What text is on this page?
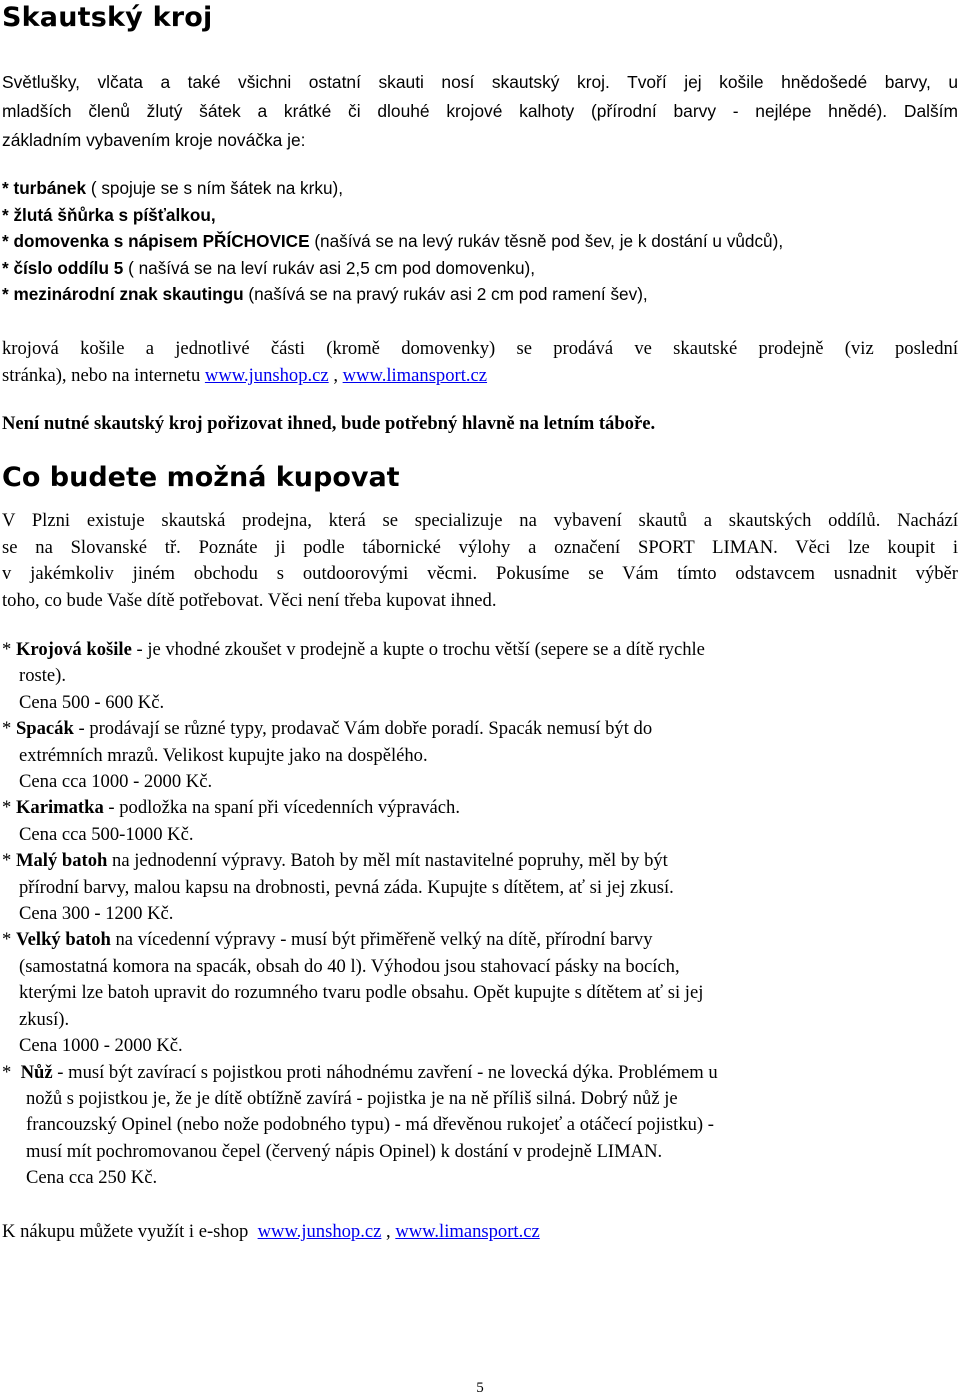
Skautský kroj
Světlušky, vlčata a také všichni ostatní skauti nosí skautský kroj. Tvoří jej košile hnědošedé barvy, u
mladších členů žlutý šátek a krátké či dlouhé krojové kalhoty (přírodní barvy - nejlépe hnědé). Dalším
základním vybavením kroje nováčka je:
* turbánek ( spojuje se s ním šátek na krku),
* žlutá šňůrka s píšťalkou,
* domovenka s nápisem PŘÍCHOVICE (našívá se na levý rukáv těsně pod šev, je k dostání u vůdců),
* číslo oddílu 5 ( našívá se na leví rukáv asi 2,5 cm pod domovenku),
* mezinárodní znak skautingu (našívá se na pravý rukáv asi 2 cm pod ramení šev),
krojová košile a jednotlivé části (kromě domovenky) se prodává ve skautské prodejně (viz poslední
stránka), nebo na internetu www.junshop.cz , www.limansport.cz
Není nutné skautský kroj pořizovat ihned, bude potřebný hlavně na letním táboře.
Co budete možná kupovat
V Plzni existuje skautská prodejna, která se specializuje na vybavení skautů a skautských oddílů. Nachází
se na Slovanské tř. Poznáte ji podle tábornické výlohy a označení SPORT LIMAN. Věci lze koupit i
v jakémkoliv jiném obchodu s outdoorovými věcmi. Pokusíme se Vám tímto odstavcem usnadnit výběr
toho, co bude Vaše dítě potřebovat. Věci není třeba kupovat ihned.
* Krojová košile - je vhodné zkoušet v prodejně a kupte o trochu větší (sepere se a dítě rychle
roste).
Cena 500 - 600 Kč.
* Spacák - prodávají se různé typy, prodavač Vám dobře poradí. Spacák nemusí být do
extrémních mrazů. Velikost kupujte jako na dospělého.
Cena cca 1000 - 2000 Kč.
* Karimatka - podložka na spaní při vícedenních výpravách.
Cena cca 500-1000 Kč.
* Malý batoh na jednodenní výpravy. Batoh by měl mít nastavitelné popruhy, měl by být
přírodní barvy, malou kapsu na drobnosti, pevná záda. Kupujte s dítětem, ať si jej zkusí.
Cena 300 - 1200 Kč.
* Velký batoh na vícedenní výpravy - musí být přiměřeně velký na dítě, přírodní barvy
(samostatná komora na spacák, obsah do 40 l). Výhodou jsou stahovací pásky na bocích,
kterými lze batoh upravit do rozumného tvaru podle obsahu. Opět kupujte s dítětem ať si jej
zkusí).
Cena 1000 - 2000 Kč.
*  Nůž - musí být zavírací s pojistkou proti náhodnému zavření - ne lovecká dýka. Problémem u
nožů s pojistkou je, že je dítě obtížně zavírá - pojistka je na ně příliš silná. Dobrý nůž je
francouzský Opinel (nebo nože podobného typu) - má dřevěnou rukojeť a otáčecí pojistku) -
musí mít pochromovanou čepel (červený nápis Opinel) k dostání v prodejně LIMAN.
Cena cca 250 Kč.
K nákupu můžete využít i e-shop  www.junshop.cz , www.limansport.cz
5
